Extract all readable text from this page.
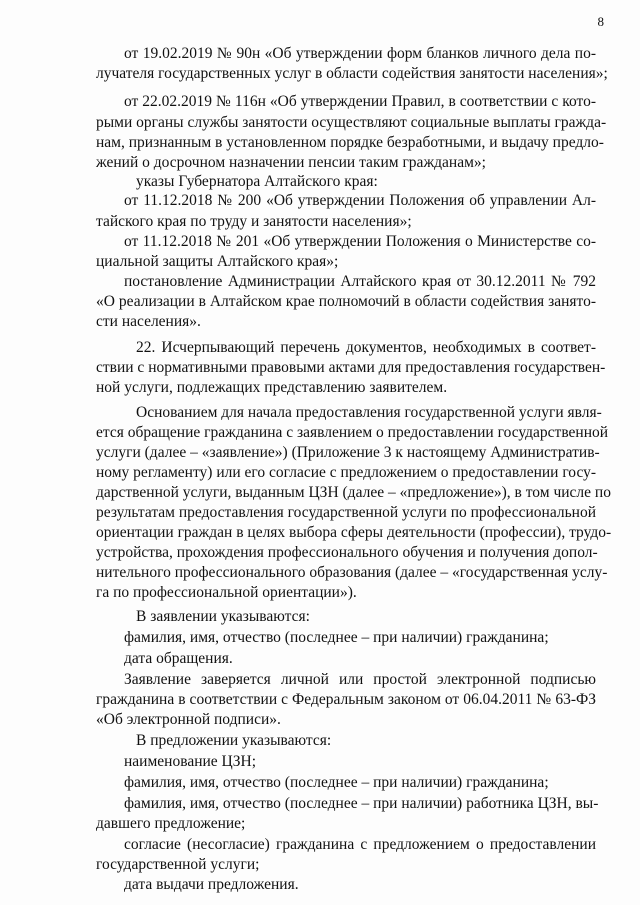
8
от 19.02.2019 № 90н «Об утверждении форм бланков личного дела по-
лучателя государственных услуг в области содействия занятости населения»;
от 22.02.2019 № 116н «Об утверждении Правил, в соответствии с кото-
рыми органы службы занятости осуществляют социальные выплаты гражда-
нам, признанным в установленном порядке безработными, и выдачу предло-
жений о досрочном назначении пенсии таким гражданам»;
указы Губернатора Алтайского края:
от 11.12.2018 № 200 «Об утверждении Положения об управлении Ал-
тайского края по труду и занятости населения»;
от 11.12.2018 № 201 «Об утверждении Положения о Министерстве со-
циальной защиты Алтайского края»;
постановление Администрации Алтайского края от 30.12.2011 № 792
«О реализации в Алтайском крае полномочий в области содействия занято-
сти населения».
22. Исчерпывающий перечень документов, необходимых в соответ-
ствии с нормативными правовыми актами для предоставления государствен-
ной услуги, подлежащих представлению заявителем.
Основанием для начала предоставления государственной услуги явля-
ется обращение гражданина с заявлением о предоставлении государственной
услуги (далее – «заявление») (Приложение 3 к настоящему Административ-
ному регламенту) или его согласие с предложением о предоставлении госу-
дарственной услуги, выданным ЦЗН (далее – «предложение»), в том числе по
результатам предоставления государственной услуги по профессиональной
ориентации граждан в целях выбора сферы деятельности (профессии), трудо-
устройства, прохождения профессионального обучения и получения допол-
нительного профессионального образования (далее – «государственная услу-
га по профессиональной ориентации»).
В заявлении указываются:
фамилия, имя, отчество (последнее – при наличии) гражданина;
дата обращения.
Заявление заверяется личной или простой электронной подписью
гражданина в соответствии с Федеральным законом от 06.04.2011 № 63-ФЗ
«Об электронной подписи».
В предложении указываются:
наименование ЦЗН;
фамилия, имя, отчество (последнее – при наличии) гражданина;
фамилия, имя, отчество (последнее – при наличии) работника ЦЗН, вы-
давшего предложение;
согласие (несогласие) гражданина с предложением о предоставлении
государственной услуги;
дата выдачи предложения.
